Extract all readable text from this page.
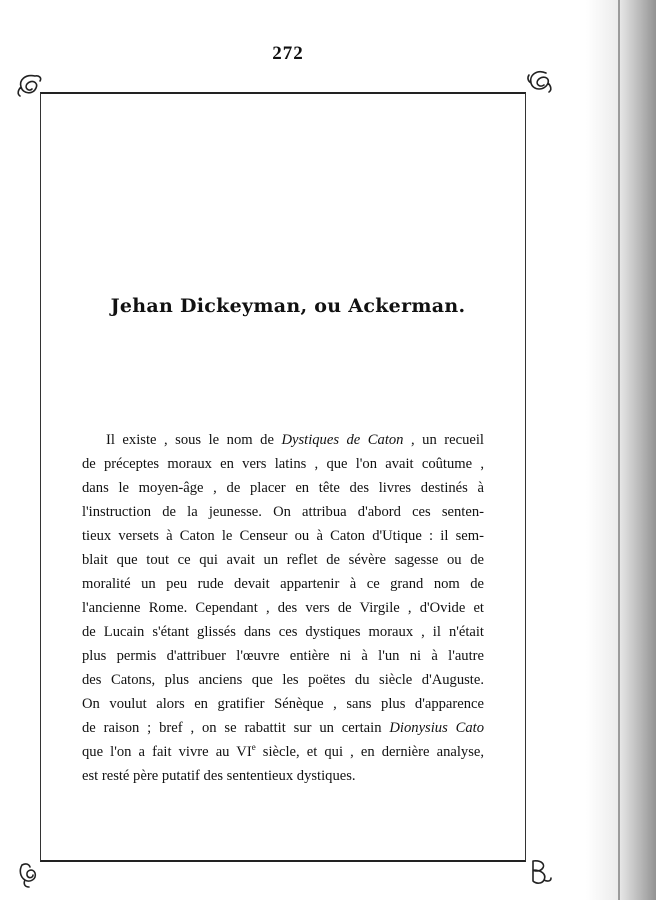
272
Jehan Dickeyman, ou Ackerman.
Il existe , sous le nom de Dystiques de Caton , un recueil
de préceptes moraux en vers latins , que l'on avait coûtume ,
dans le moyen-âge , de placer en tête des livres destinés à
l'instruction de la jeunesse. On attribua d'abord ces senten-
tieux versets à Caton le Censeur ou à Caton d'Utique : il sem-
blait que tout ce qui avait un reflet de sévère sagesse ou de
moralité un peu rude devait appartenir à ce grand nom de
l'ancienne Rome. Cependant , des vers de Virgile , d'Ovide et
de Lucain s'étant glissés dans ces dystiques moraux , il n'était
plus permis d'attribuer l'œuvre entière ni à l'un ni à l'autre
des Catons, plus anciens que les poëtes du siècle d'Auguste.
On voulut alors en gratifier Sénèque , sans plus d'apparence
de raison ; bref , on se rabattit sur un certain Dionysius Cato
que l'on a fait vivre au VIe siècle, et qui , en dernière analyse,
est resté père putatif des sententieux dystiques.
